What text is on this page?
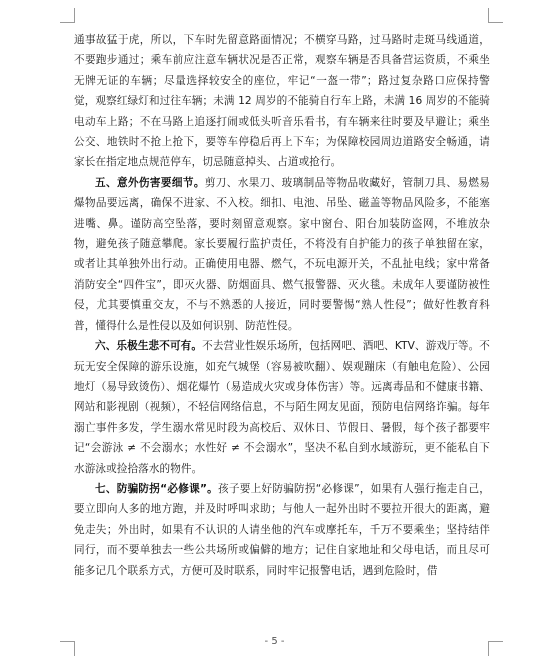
通事故猛于虎，所以，下车时先留意路面情况；不横穿马路，过马路时走斑马线通道，不要跑步通过；乘车前应注意车辆状况是否正常，观察车辆是否具备营运资质，不乘坐无牌无证的车辆；尽量选择较安全的座位，牢记“一盔一带”；路过复杂路口应保持警觉，观察红绿灯和过往车辆；未满 12 周岁的不能骑自行车上路，未满 16 周岁的不能骑电动车上路；不在马路上追逐打闹或低头听音乐看书，有车辆来往时要及早避让；乘坐公交、地铁时不抢上抢下，要等车停稳后再上下车；为保障校园周边道路安全畅通，请家长在指定地点规范停车，切忌随意掉头、占道或抢行。

五、意外伤害要细节。剪刀、水果刀、玻璃制品等物品收藏好，管制刀具、易燃易爆物品要远离，确保不进家、不入校。细扣、电池、吊坠、磁盖等物品风险多，不能塞进嘴、鼻。谨防高空坠落，要时刻留意观察。家中窗台、阳台加装防盗网，不堆放杂物，避免孩子随意攀爬。家长要履行监护责任，不将没有自护能力的孩子单独留在家，或者让其单独外出行动。正确使用电器、燃气，不玩电源开关，不乱扯电线；家中常备消防安全“四件宝”，即灭火器、防烟面具、燃气报警器、灭火毯。未成年人要谨防被性侵，尤其要慎重交友，不与不熟悉的人接近，同时要警惕“熟人性侵”；做好性教育科普，懂得什么是性侵以及如何识别、防范性侵。

六、乐极生悲不可有。不去营业性娱乐场所，包括网吧、酒吧、KTV、游戏厅等。不玩无安全保障的游乐设施，如充气城堡（容易被吹翻）、娱观蹦床（有触电危险）、公园地灯（易导致烫伤）、烟花爆竹（易造成火灾或身体伤害）等。远离毒品和不健康书籍、网站和影视剧（视频），不轻信网络信息，不与陌生网友见面，预防电信网络诈骗。每年溺亡事件多发，学生溺水常见时段为高校后、双休日、节假日、暑假，每个孩子都要牢记“会游泳 ≠ 不会溺水；水性好 ≠ 不会溺水”，坚决不私自到水域游玩，更不能私自下水游泳或捡拾落水的物件。

七、防骗防拐“必修课”。孩子要上好防骗防拐“必修课”，如果有人强行拖走自己，要立即向人多的地方跑，并及时呼叫求助；与他人一起外出时不要拉开很大的距离，避免走失；外出时，如果有不认识的人请坐他的汽车或摩托车，千万不要乘坐；坚持结伴同行，而不要单独去一些公共场所或偏僻的地方；记住自家地址和父母电话，而且尽可能多记几个联系方式，方便可及时联系，同时牢记报警电话，遇到危险时，借

- 5 -
